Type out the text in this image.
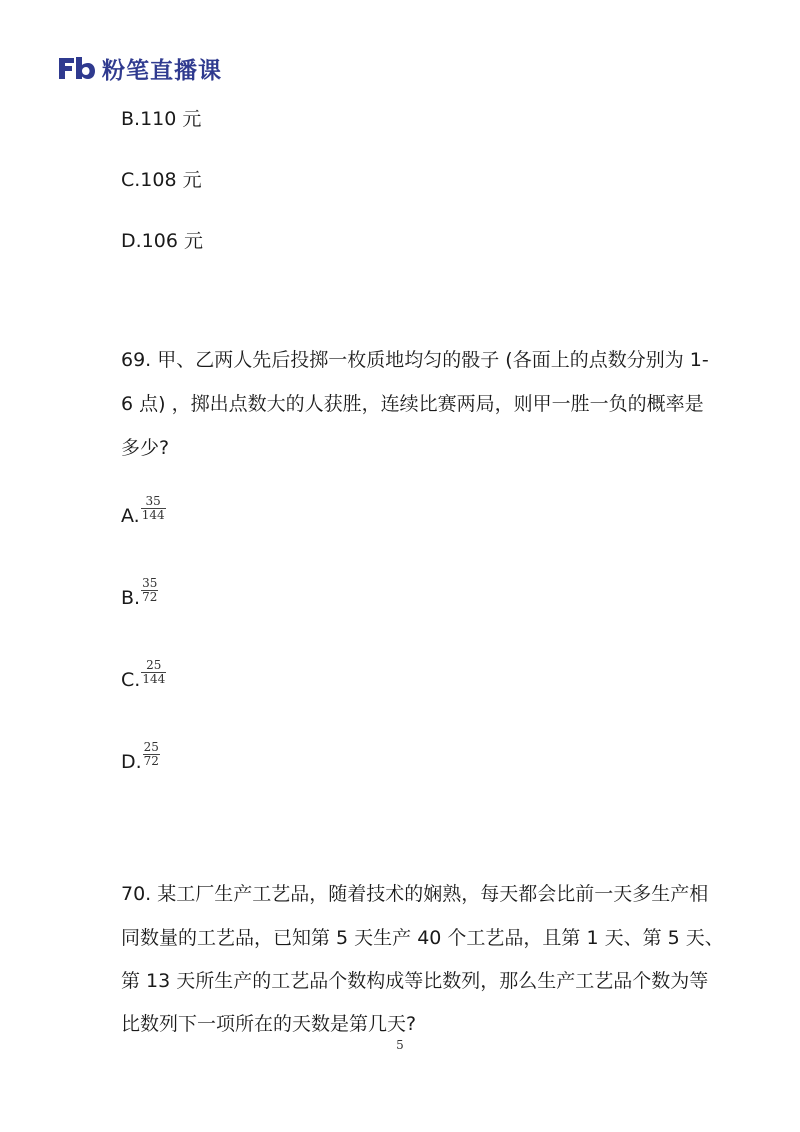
粉笔直播课
B.110 元
C.108 元
D.106 元
69. 甲、乙两人先后投掷一枚质地均匀的骰子 (各面上的点数分别为 1-
6 点) ，掷出点数大的人获胜，连续比赛两局，则甲一胜一负的概率是
多少?
A. $\frac{35}{144}$
B. $\frac{35}{72}$
C. $\frac{25}{144}$
D. $\frac{25}{72}$
70. 某工厂生产工艺品，随着技术的娴熟，每天都会比前一天多生产相
同数量的工艺品，已知第 5 天生产 40 个工艺品，且第 1 天、第 5 天、
第 13 天所生产的工艺品个数构成等比数列，那么生产工艺品个数为等
比数列下一项所在的天数是第几天?
5
